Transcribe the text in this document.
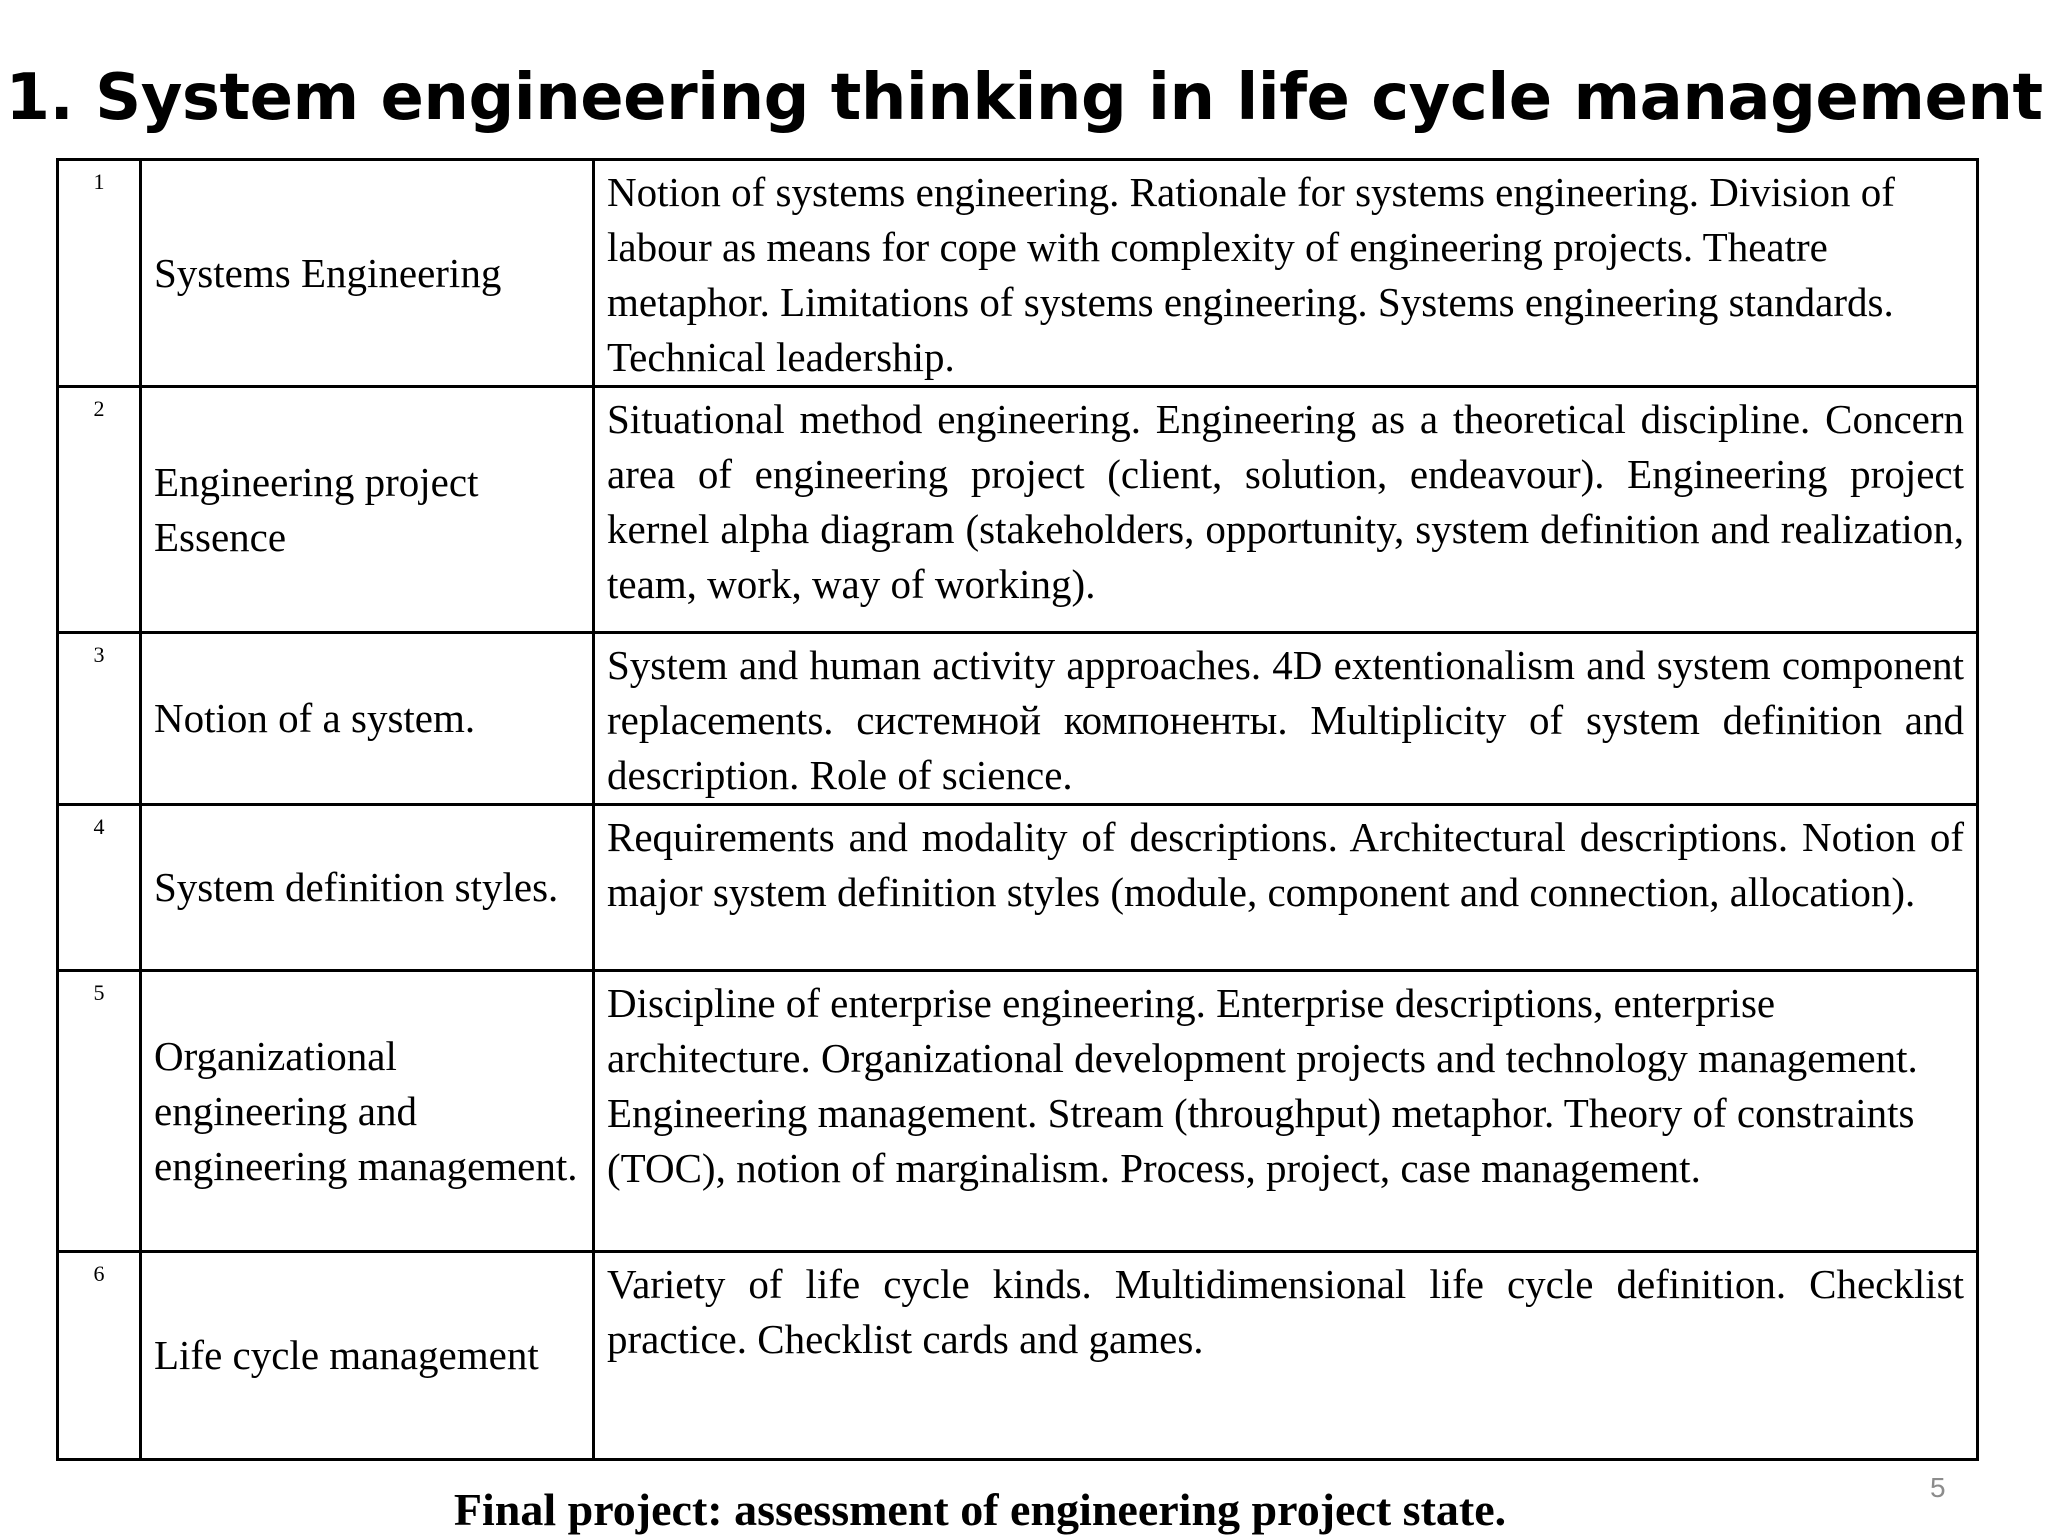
1. System engineering thinking in life cycle management
1	Systems Engineering	Notion of systems engineering. Rationale for systems engineering. Division of labour as means for cope with complexity of engineering projects. Theatre metaphor. Limitations of systems engineering. Systems engineering standards. Technical leadership.
2	Engineering project Essence	Situational method engineering. Engineering as a theoretical discipline. Concern area of engineering project (client, solution, endeavour). Engineering project kernel alpha diagram (stakeholders, opportunity, system definition and realization, team, work, way of working).
3	Notion of a system.	System and human activity approaches. 4D extentionalism and system component replacements. системной компоненты. Multiplicity of system definition and description. Role of science.
4	System definition styles.	Requirements and modality of descriptions. Architectural descriptions. Notion of major system definition styles (module, component and connection, allocation).
5	Organizational engineering and engineering management.	Discipline of enterprise engineering. Enterprise descriptions, enterprise architecture. Organizational development projects and technology management. Engineering management. Stream (throughput) metaphor. Theory of constraints (TOC), notion of marginalism. Process, project, case management.
6	Life cycle management	Variety of life cycle kinds. Multidimensional life cycle definition. Checklist practice. Checklist cards and games.
5
Final project: assessment of engineering project state.
